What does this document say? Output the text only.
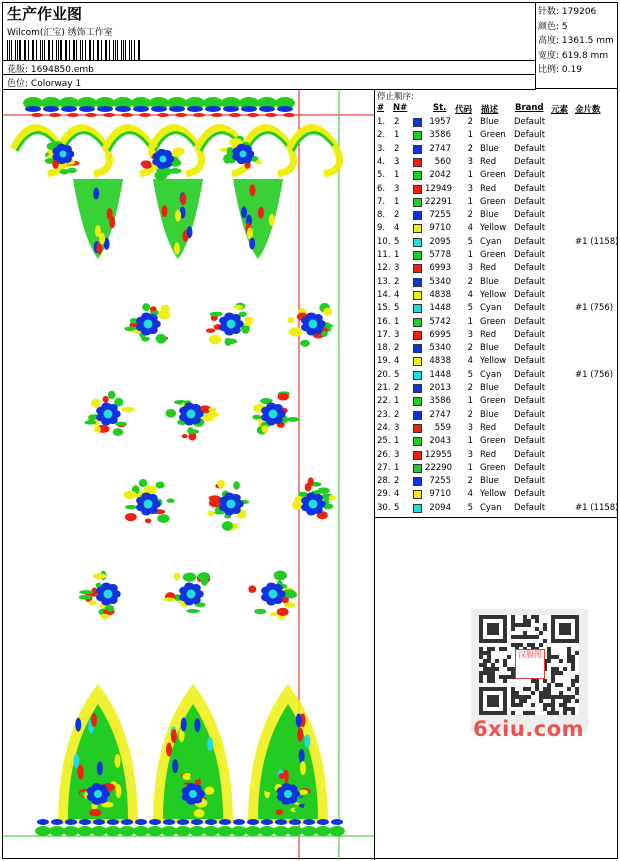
生产作业图
Wilcom(汇宝) 绣饰工作室
花版: 1694850.emb
色位: Colorway 1
针数: 179206
颜色: 5
高度: 1361.5 mm
宽度: 619.8 mm
比例: 0.19
停止顺序:
# N#	St. 代码 描述 Brand 元素 金片数
1. 2	1957	2 Blue Default
2. 1	3586	1 Green Default
3. 2	2747	2 Blue Default
4. 3	560	3 Red Default
5. 1	2042	1 Green Default
6. 3	12949	3 Red Default
7. 1	22291	1 Green Default
8. 2	7255	2 Blue Default
9. 4	9710	4 Yellow Default
10. 5	2095	5 Cyan Default	#1 (1158)
11. 1	5778	1 Green Default
12. 3	6993	3 Red Default
13. 2	5340	2 Blue Default
14. 4	4838	4 Yellow Default
15. 5	1448	5 Cyan Default	#1 (756)
16. 1	5742	1 Green Default
17. 3	6995	3 Red Default
18. 2	5340	2 Blue Default
19. 4	4838	4 Yellow Default
20. 5	1448	5 Cyan Default	#1 (756)
21. 2	2013	2 Blue Default
22. 1	3586	1 Green Default
23. 2	2747	2 Blue Default
24. 3	559	3 Red Default
25. 1	2043	1 Green Default
26. 3	12955	3 Red Default
27. 1	22290	1 Green Default
28. 2	7255	2 Blue Default
29. 4	9710	4 Yellow Default
30. 5	2094	5 Cyan Default	#1 (1158)
汉服图
6xiu.com
